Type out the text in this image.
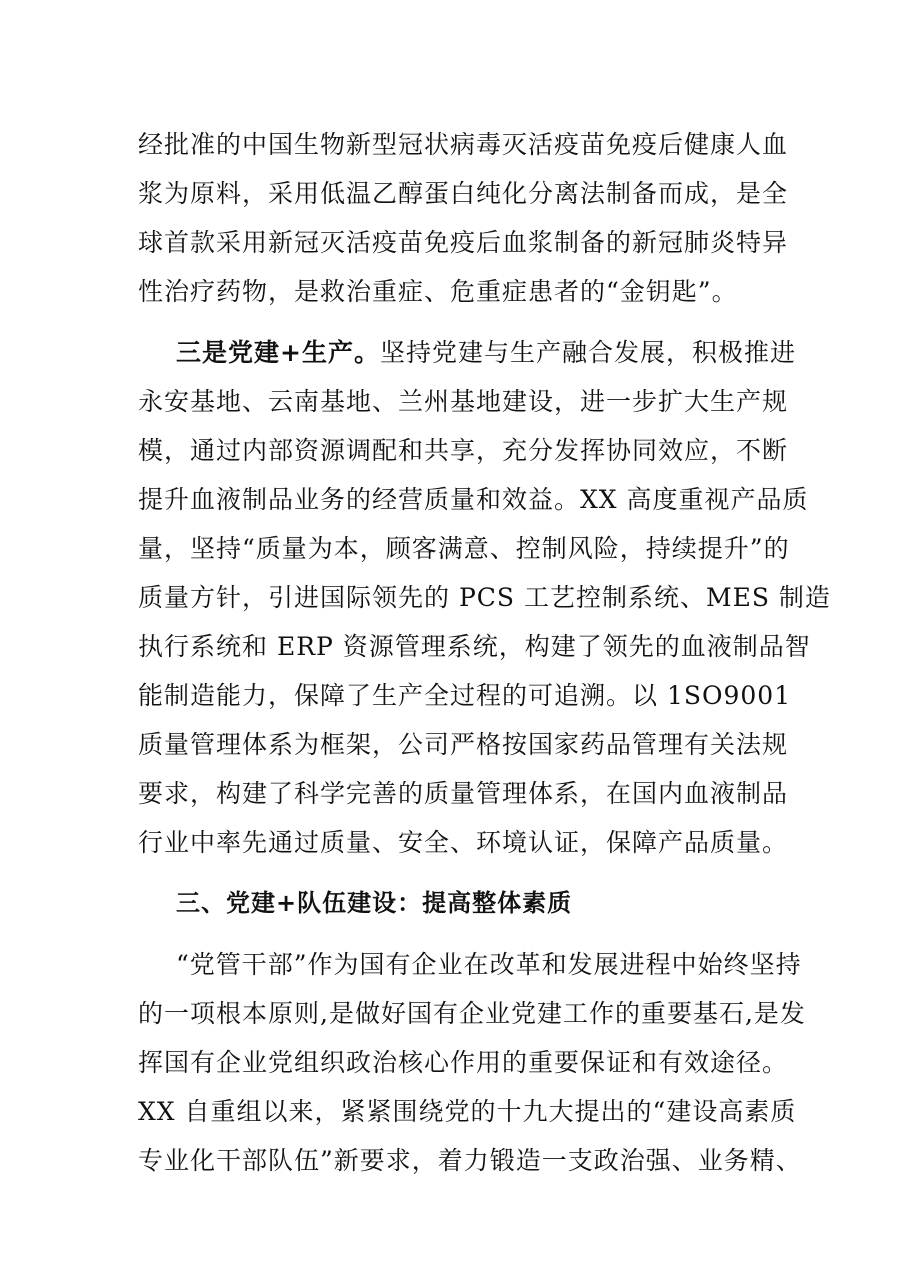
经批准的中国生物新型冠状病毒灭活疫苗免疫后健康人血
浆为原料，采用低温乙醇蛋白纯化分离法制备而成，是全
球首款采用新冠灭活疫苗免疫后血浆制备的新冠肺炎特异
性治疗药物，是救治重症、危重症患者的“金钥匙”。
三是党建+生产。坚持党建与生产融合发展，积极推进
永安基地、云南基地、兰州基地建设，进一步扩大生产规
模，通过内部资源调配和共享，充分发挥协同效应，不断
提升血液制品业务的经营质量和效益。XX 高度重视产品质
量，坚持“质量为本，顾客满意、控制风险，持续提升”的
质量方针，引进国际领先的 PCS 工艺控制系统、MES 制造
执行系统和 ERP 资源管理系统，构建了领先的血液制品智
能制造能力，保障了生产全过程的可追溯。以 1SO9001
质量管理体系为框架，公司严格按国家药品管理有关法规
要求，构建了科学完善的质量管理体系，在国内血液制品
行业中率先通过质量、安全、环境认证，保障产品质量。
三、党建+队伍建设：提高整体素质
“党管干部”作为国有企业在改革和发展进程中始终坚持
的一项根本原则,是做好国有企业党建工作的重要基石,是发
挥国有企业党组织政治核心作用的重要保证和有效途径。
XX 自重组以来，紧紧围绕党的十九大提出的“建设高素质
专业化干部队伍”新要求，着力锻造一支政治强、业务精、
